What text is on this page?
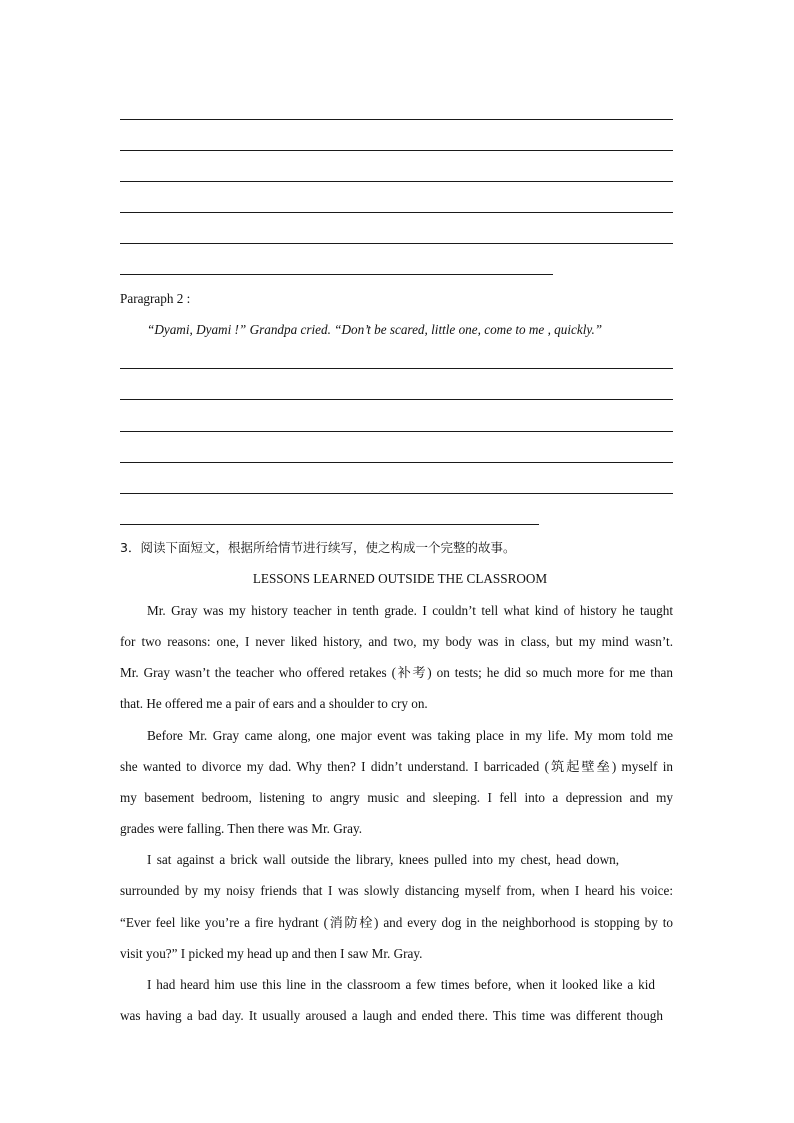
Paragraph 2 :
“Dyami, Dyami !” Grandpa cried. “Don’t be scared, little one, come to me , quickly.”
3．阅读下面短文，根据所给情节进行续写，使之构成一个完整的故事。
LESSONS LEARNED OUTSIDE THE CLASSROOM
Mr. Gray was my history teacher in tenth grade. I couldn’t tell what kind of history he taught
for two reasons: one, I never liked history, and two, my body was in class, but my mind wasn’t.
Mr. Gray wasn’t the teacher who offered retakes (补考) on tests; he did so much more for me than
that. He offered me a pair of ears and a shoulder to cry on.
Before Mr. Gray came along, one major event was taking place in my life. My mom told me
she wanted to divorce my dad. Why then? I didn’t understand. I barricaded (筑起壁垒) myself in
my basement bedroom, listening to angry music and sleeping. I fell into a depression and my
grades were falling. Then there was Mr. Gray.
I sat against a brick wall outside the library, knees pulled into my chest, head down,
surrounded by my noisy friends that I was slowly distancing myself from, when I heard his voice:
“Ever feel like you’re a fire hydrant (消防栓) and every dog in the neighborhood is stopping by to
visit you?” I picked my head up and then I saw Mr. Gray.
I had heard him use this line in the classroom a few times before, when it looked like a kid
was having a bad day. It usually aroused a laugh and ended there. This time was different though
